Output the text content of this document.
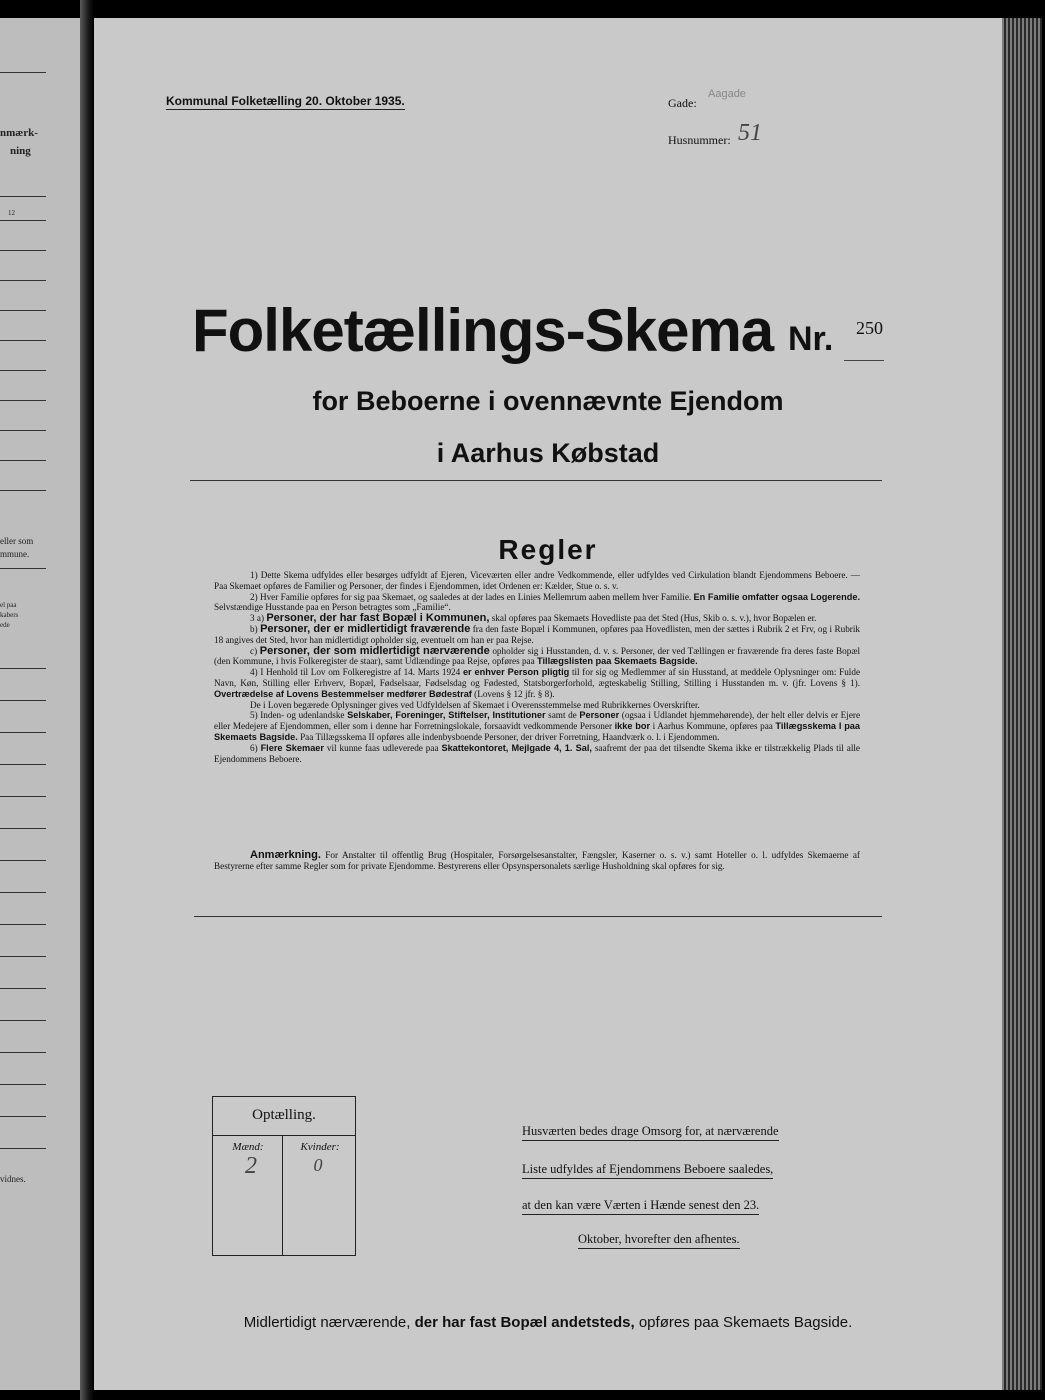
nmærk-
ning
12
eller som
mmune.
el paa
kabers
ede
vidnes.
Kommunal Folketælling 20. Oktober 1935.	Gade:
Aagade
Husnummer: 51
Folketællings-Skema Nr. 250
for Beboerne i ovennævnte Ejendom
i Aarhus Købstad
Regler

1) Dette Skema udfyldes eller besørges udfyldt af Ejeren, Viceværten eller andre Vedkommende, eller udfyldes ved Cirkulation blandt Ejendommens Beboere. — Paa Skemaet opføres de Familier og Personer, der findes i Ejendommen, idet Ordenen er: Kælder, Stue o. s. v.

2) Hver Familie opføres for sig paa Skemaet, og saaledes at der lades en Linies Mellemrum aaben mellem hver Familie. En Familie omfatter ogsaa Logerende. Selvstændige Husstande paa en Person betragtes som „Familie“.

3 a) Personer, der har fast Bopæl i Kommunen, skal opføres paa Skemaets Hovedliste paa det Sted (Hus, Skib o. s. v.), hvor Bopælen er.

b) Personer, der er midlertidigt fraværende fra den faste Bopæl i Kommunen, opføres paa Hovedlisten, men der sættes i Rubrik 2 et Frv, og i Rubrik 18 angives det Sted, hvor han midlertidigt opholder sig, eventuelt om han er paa Rejse.

c) Personer, der som midlertidigt nærværende opholder sig i Husstanden, d. v. s. Personer, der ved Tællingen er fraværende fra deres faste Bopæl (den Kommune, i hvis Folkeregister de staar), samt Udlændinge paa Rejse, opføres paa Tillægslisten paa Skemaets Bagside.

4) I Henhold til Lov om Folkeregistre af 14. Marts 1924 er enhver Person pligtig til for sig og Medlemmer af sin Husstand, at meddele Oplysninger om: Fulde Navn, Køn, Stilling eller Erhverv, Bopæl, Fødselsaar, Fødselsdag og Fødested, Statsborgerforhold, ægteskabelig Stilling, Stilling i Husstanden m. v. (jfr. Lovens § 1). Overtrædelse af Lovens Bestemmelser medfører Bødestraf (Lovens § 12 jfr. § 8).

De i Loven begærede Oplysninger gives ved Udfyldelsen af Skemaet i Overensstemmelse med Rubrikkernes Overskrifter.

5) Inden- og udenlandske Selskaber, Foreninger, Stiftelser, Institutioner samt de Personer (ogsaa i Udlandet hjemmehørende), der helt eller delvis er Ejere eller Medejere af Ejendommen, eller som i denne har Forretningslokale, forsaavidt vedkommende Personer ikke bor i Aarhus Kommune, opføres paa Tillægsskema I paa Skemaets Bagside. Paa Tillægsskema II opføres alle indenbysboende Personer, der driver Forretning, Haandværk o. l. i Ejendommen.

6) Flere Skemaer vil kunne faas udleverede paa Skattekontoret, Mejlgade 4, 1. Sal, saafremt der paa det tilsendte Skema ikke er tilstrækkelig Plads til alle Ejendommens Beboere.

Anmærkning. For Anstalter til offentlig Brug (Hospitaler, Forsørgelsesanstalter, Fængsler, Kaserner o. s. v.) samt Hoteller o. l. udfyldes Skemaerne af Bestyrerne efter samme Regler som for private Ejendomme. Bestyrerens eller Opsynspersonalets særlige Husholdning skal opføres for sig.

Optælling.
Mænd:	Kvinder:
2	0
Husværten bedes drage Omsorg for, at nærværende
Liste udfyldes af Ejendommens Beboere saaledes,
at den kan være Værten i Hænde senest den 23.
Oktober, hvorefter den afhentes.
Midlertidigt nærværende, der har fast Bopæl andetsteds, opføres paa Skemaets Bagside.
